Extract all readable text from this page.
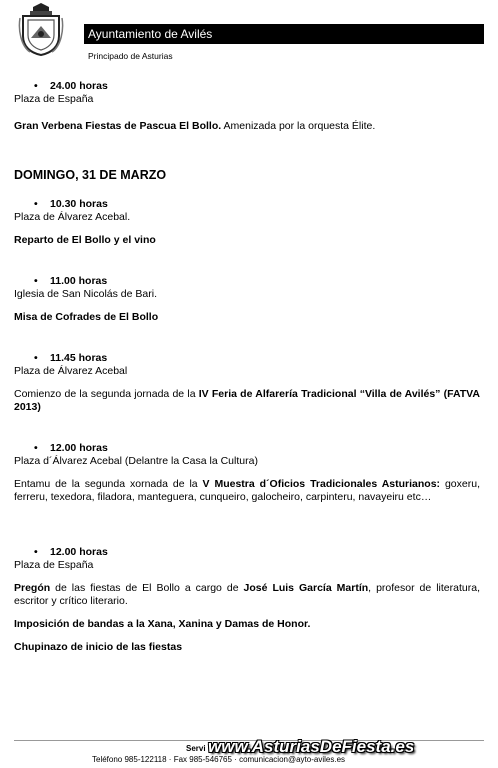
Ayuntamiento de Avilés
Principado de Asturias
• 24.00 horas
Plaza de España
Gran Verbena Fiestas de Pascua El Bollo. Amenizada por la orquesta Élite.
DOMINGO, 31 DE MARZO
• 10.30 horas
Plaza de Álvarez Acebal.
Reparto de El Bollo y el vino
• 11.00 horas
Iglesia de San Nicolás de Bari.
Misa de Cofrades de El Bollo
• 11.45 horas
Plaza de Álvarez Acebal
Comienzo de la segunda jornada de la IV Feria de Alfarería Tradicional “Villa de Avilés” (FATVA 2013)
• 12.00 horas
Plaza d´Álvarez Acebal (Delantre la Casa la Cultura)
Entamu de la segunda xornada de la V Muestra d´Oficios Tradicionales Asturianos: goxeru, ferreru, texedora, filadora, manteguera, cunqueiro, galocheiro, carpinteru, navayeiru etc…
• 12.00 horas
Plaza de España
Pregón de las fiestas de El Bollo a cargo de José Luis García Martín, profesor de literatura, escritor y crítico literario.
Imposición de bandas a la Xana, Xanina y Damas de Honor.
Chupinazo de inicio de las fiestas
Servi
Teléfono 985-122118 · Fax 985-546765 · comunicacion@ayto-aviles.es
www.AsturiasDeFiesta.es
